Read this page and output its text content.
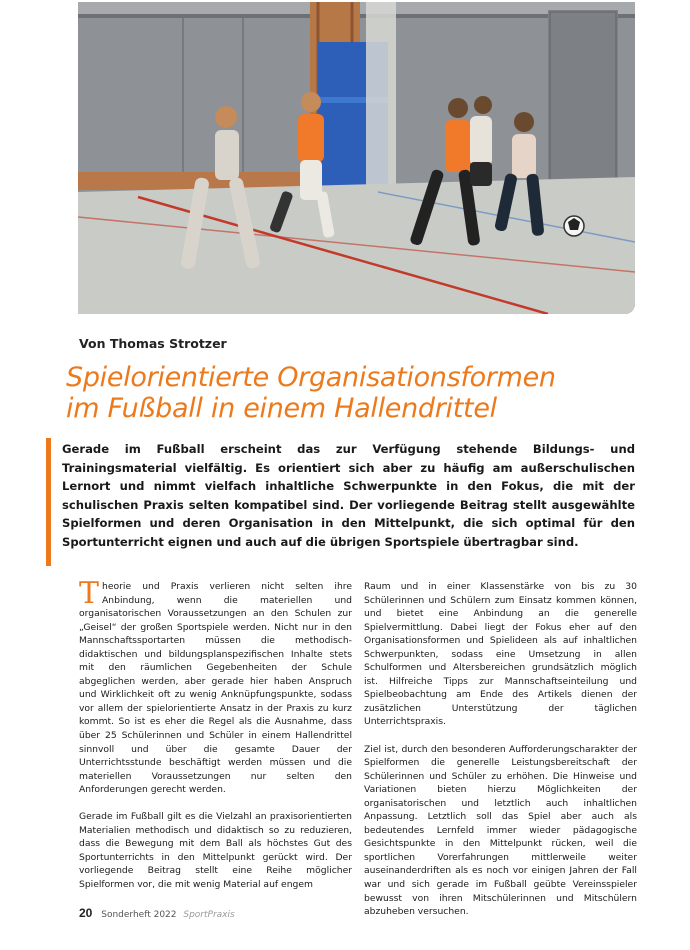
Von Thomas Strotzer
Spielorientierte Organisationsformen
im Fußball in einem Hallendrittel

Gerade im Fußball erscheint das zur Verfügung stehende Bildungs- und Trainingsmaterial vielfältig. Es orientiert sich aber zu häufig am außerschulischen Lernort und nimmt vielfach inhaltliche Schwerpunkte in den Fokus, die mit der schulischen Praxis selten kompatibel sind. Der vorliegende Beitrag stellt ausgewählte Spielformen und deren Organisation in den Mittelpunkt, die sich optimal für den Sportunterricht eignen und auch auf die übrigen Sportspiele übertragbar sind.

Theorie und Praxis verlieren nicht selten ihre Anbindung, wenn die materiellen und organisatorischen Voraussetzungen an den Schulen zur „Geisel“ der großen Sportspiele werden. Nicht nur in den Mannschaftssportarten müssen die methodisch-didaktischen und bildungsplanspezifischen Inhalte stets mit den räumlichen Gegebenheiten der Schule abgeglichen werden, aber gerade hier haben Anspruch und Wirklichkeit oft zu wenig Anknüpfungspunkte, sodass vor allem der spielorientierte Ansatz in der Praxis zu kurz kommt. So ist es eher die Regel als die Ausnahme, dass über 25 Schülerinnen und Schüler in einem Hallendrittel sinnvoll und über die gesamte Dauer der Unterrichtsstunde beschäftigt werden müssen und die materiellen Voraussetzungen nur selten den Anforderungen gerecht werden.

Gerade im Fußball gilt es die Vielzahl an praxisorientierten Materialien methodisch und didaktisch so zu reduzieren, dass die Bewegung mit dem Ball als höchstes Gut des Sportunterrichts in den Mittelpunkt gerückt wird. Der vorliegende Beitrag stellt eine Reihe möglicher Spielformen vor, die mit wenig Material auf engem

Raum und in einer Klassenstärke von bis zu 30 Schülerinnen und Schülern zum Einsatz kommen können, und bietet eine Anbindung an die generelle Spielvermittlung. Dabei liegt der Fokus eher auf den Organisationsformen und Spielideen als auf inhaltlichen Schwerpunkten, sodass eine Umsetzung in allen Schulformen und Altersbereichen grundsätzlich möglich ist. Hilfreiche Tipps zur Mannschaftseinteilung und Spielbeobachtung am Ende des Artikels dienen der zusätzlichen Unterstützung der täglichen Unterrichtspraxis.

Ziel ist, durch den besonderen Aufforderungscharakter der Spielformen die generelle Leistungsbereitschaft der Schülerinnen und Schüler zu erhöhen. Die Hinweise und Variationen bieten hierzu Möglichkeiten der organisatorischen und letztlich auch inhaltlichen Anpassung. Letztlich soll das Spiel aber auch als bedeutendes Lernfeld immer wieder pädagogische Gesichtspunkte in den Mittelpunkt rücken, weil die sportlichen Vorerfahrungen mittlerweile weiter auseinanderdriften als es noch vor einigen Jahren der Fall war und sich gerade im Fußball geübte Vereinsspieler bewusst von ihren Mitschülerinnen und Mitschülern abzuheben versuchen.

20 Sonderheft 2022 SportPraxis
